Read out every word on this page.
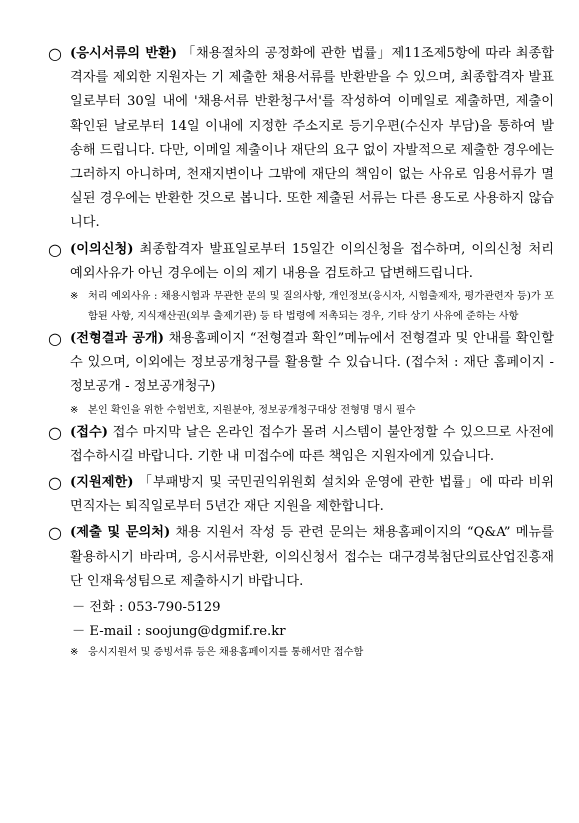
○ (응시서류의 반환) 「채용절차의 공정화에 관한 법률」제11조제5항에 따라 최종합격자를 제외한 지원자는 기 제출한 채용서류를 반환받을 수 있으며, 최종합격자 발표일로부터 30일 내에 '채용서류 반환청구서'를 작성하여 이메일로 제출하면, 제출이 확인된 날로부터 14일 이내에 지정한 주소지로 등기우편(수신자 부담)을 통하여 발송해 드립니다. 다만, 이메일 제출이나 재단의 요구 없이 자발적으로 제출한 경우에는 그러하지 아니하며, 천재지변이나 그밖에 재단의 책임이 없는 사유로 임용서류가 멸실된 경우에는 반환한 것으로 봅니다. 또한 제출된 서류는 다른 용도로 사용하지 않습니다.
○ (이의신청) 최종합격자 발표일로부터 15일간 이의신청을 접수하며, 이의신청 처리 예외사유가 아닌 경우에는 이의 제기 내용을 검토하고 답변해드립니다.
※ 처리 예외사유 : 채용시험과 무관한 문의 및 질의사항, 개인정보(응시자, 시험출제자, 평가관련자 등)가 포함된 사항, 지식재산권(외부 출제기관) 등 타 법령에 저촉되는 경우, 기타 상기 사유에 준하는 사항
○ (전형결과 공개) 채용홈페이지 “전형결과 확인”메뉴에서 전형결과 및 안내를 확인할 수 있으며, 이외에는 정보공개청구를 활용할 수 있습니다. (접수처 : 재단 홈페이지 - 정보공개 - 정보공개청구)
※ 본인 확인을 위한 수험번호, 지원분야, 정보공개청구대상 전형명 명시 필수
○ (접수) 접수 마지막 날은 온라인 접수가 몰려 시스템이 불안정할 수 있으므로 사전에 접수하시길 바랍니다. 기한 내 미접수에 따른 책임은 지원자에게 있습니다.
○ (지원제한) 「부패방지 및 국민권익위원회 설치와 운영에 관한 법률」에 따라 비위면직자는 퇴직일로부터 5년간 재단 지원을 제한합니다.
○ (제출 및 문의처) 채용 지원서 작성 등 관련 문의는 채용홈페이지의 “Q&A” 메뉴를 활용하시기 바라며, 응시서류반환, 이의신청서 접수는 대구경북첨단의료산업진흥재단 인재육성팀으로 제출하시기 바랍니다.
－ 전화 : 053-790-5129
－ E-mail : soojung@dgmif.re.kr
※ 응시지원서 및 증빙서류 등은 채용홈페이지를 통해서만 접수함
